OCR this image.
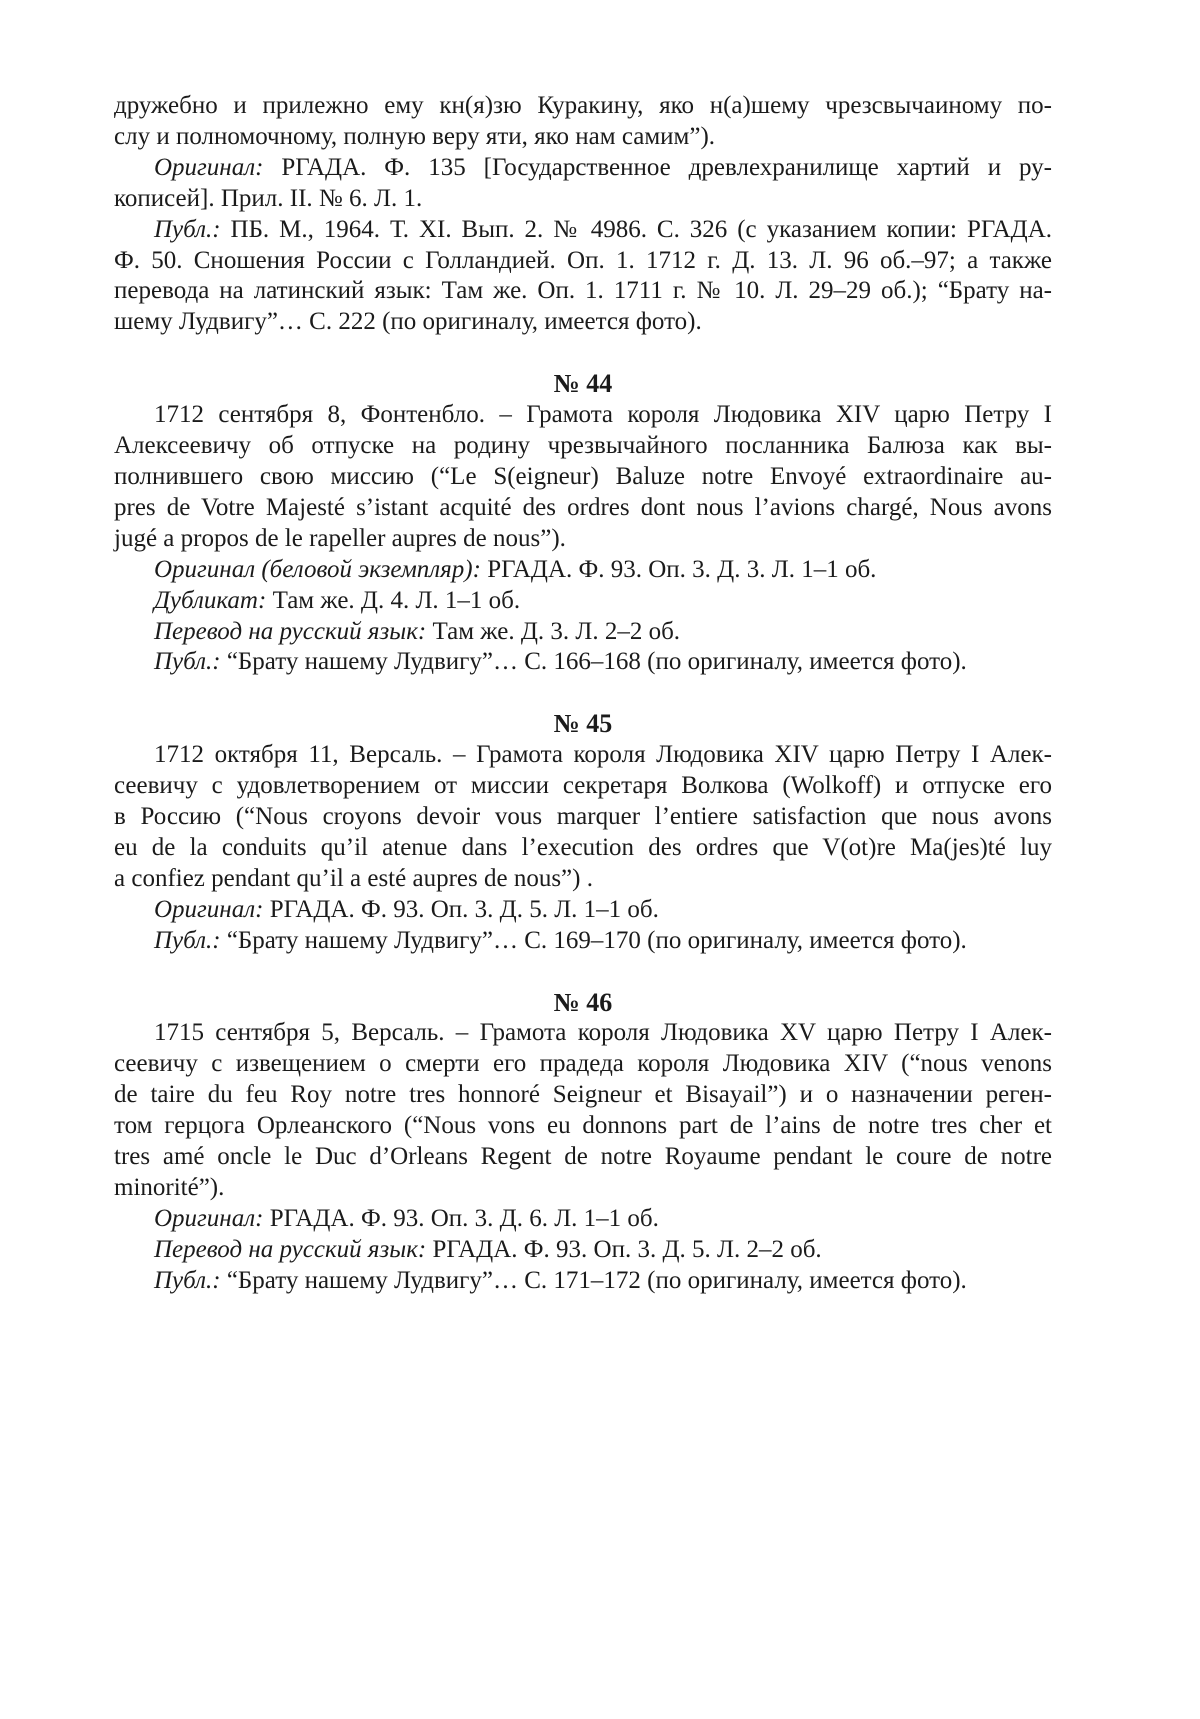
дружебно и прилежно ему кн(я)зю Куракину, яко н(а)шему чрезсвычаиному по-
слу и полномочному, полную веру яти, яко нам самим”).
Оригинал: РГАДА. Ф. 135 [Государственное древлехранилище хартий и ру-
кописей]. Прил. II. № 6. Л. 1.
Публ.: ПБ. М., 1964. Т. XI. Вып. 2. № 4986. С. 326 (с указанием копии: РГАДА.
Ф. 50. Сношения России с Голландией. Оп. 1. 1712 г. Д. 13. Л. 96 об.–97; а также
перевода на латинский язык: Там же. Оп. 1. 1711 г. № 10. Л. 29–29 об.); “Брату на-
шему Лудвигу”… С. 222 (по оригиналу, имеется фото).
№ 44
1712 сентября 8, Фонтенбло. – Грамота короля Людовика XIV царю Петру I
Алексеевичу об отпуске на родину чрезвычайного посланника Балюза как вы-
полнившего свою миссию (“Le S(eigneur) Baluze notre Envoyé extraordinaire au-
pres de Votre Majesté s’istant acquité des ordres dont nous l’avions chargé, Nous avons
jugé a propos de le rapeller aupres de nous”).
Оригинал (беловой экземпляр): РГАДА. Ф. 93. Оп. 3. Д. 3. Л. 1–1 об.
Дубликат: Там же. Д. 4. Л. 1–1 об.
Перевод на русский язык: Там же. Д. 3. Л. 2–2 об.
Публ.: “Брату нашему Лудвигу”… С. 166–168 (по оригиналу, имеется фото).
№ 45
1712 октября 11, Версаль. – Грамота короля Людовика XIV царю Петру I Алек-
сеевичу с удовлетворением от миссии секретаря Волкова (Wolkoff) и отпуске его
в Россию (“Nous croyons devoir vous marquer l’entiere satisfaction que nous avons
eu de la conduits qu’il atenue dans l’execution des ordres que V(ot)re Ma(jes)té luy
a confiez pendant qu’il a esté aupres de nous”) .
Оригинал: РГАДА. Ф. 93. Оп. 3. Д. 5. Л. 1–1 об.
Публ.: “Брату нашему Лудвигу”… С. 169–170 (по оригиналу, имеется фото).
№ 46
1715 сентября 5, Версаль. – Грамота короля Людовика XV царю Петру I Алек-
сеевичу с извещением о смерти его прадеда короля Людовика XIV (“nous venons
de taire du feu Roy notre tres honnoré Seigneur et Bisayail”) и о назначении реген-
том герцога Орлеанского (“Nous vons eu donnons part de l’ains de notre tres cher et
tres amé oncle le Duc d’Orleans Regent de notre Royaume pendant le coure de notre
minorité”).
Оригинал: РГАДА. Ф. 93. Оп. 3. Д. 6. Л. 1–1 об.
Перевод на русский язык: РГАДА. Ф. 93. Оп. 3. Д. 5. Л. 2–2 об.
Публ.: “Брату нашему Лудвигу”… С. 171–172 (по оригиналу, имеется фото).
